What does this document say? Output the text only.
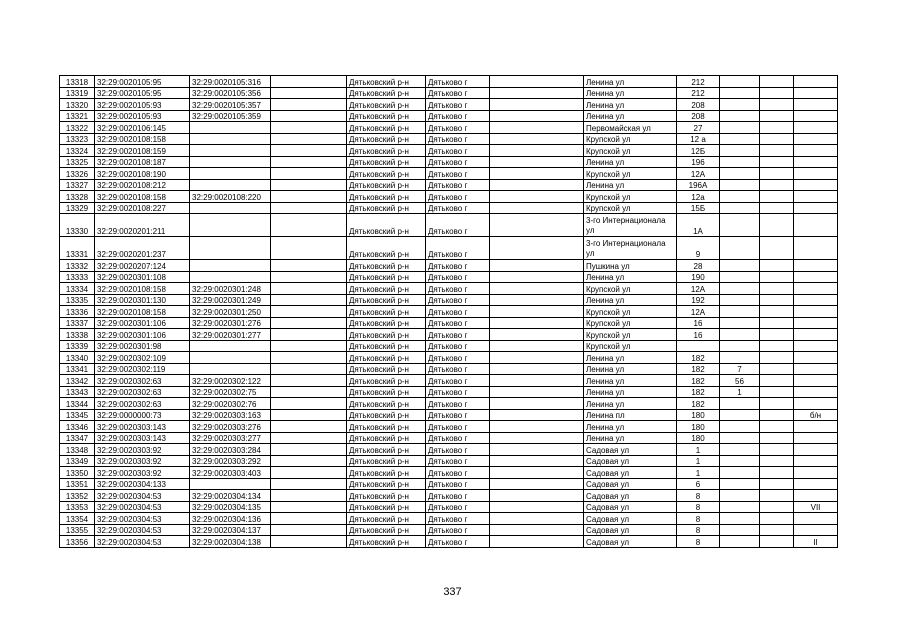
13318	32:29:0020105:95	32:29:0020105:316		Дятьковский р-н	Дятьково г		Ленина ул	212			
13319	32:29:0020105:95	32:29:0020105:356		Дятьковский р-н	Дятьково г		Ленина ул	212			
13320	32:29:0020105:93	32:29:0020105:357		Дятьковский р-н	Дятьково г		Ленина ул	208			
13321	32:29:0020105:93	32:29:0020105:359		Дятьковский р-н	Дятьково г		Ленина ул	208			
13322	32:29:0020106:145			Дятьковский р-н	Дятьково г		Первомайская ул	27			
13323	32:29:0020108:158			Дятьковский р-н	Дятьково г		Крупской ул	12 а			
13324	32:29:0020108:159			Дятьковский р-н	Дятьково г		Крупской ул	12Б			
13325	32:29:0020108:187			Дятьковский р-н	Дятьково г		Ленина ул	196			
13326	32:29:0020108:190			Дятьковский р-н	Дятьково г		Крупской ул	12А			
13327	32:29:0020108:212			Дятьковский р-н	Дятьково г		Ленина ул	196А			
13328	32:29:0020108:158	32:29:0020108:220		Дятьковский р-н	Дятьково г		Крупской ул	12а			
13329	32:29:0020108:227			Дятьковский р-н	Дятьково г		Крупской ул	15Б			
13330	32:29:0020201:211			Дятьковский р-н	Дятьково г		3-го Интернационала ул	1А			
13331	32:29:0020201:237			Дятьковский р-н	Дятьково г		3-го Интернационала ул	9			
13332	32:29:0020207:124			Дятьковский р-н	Дятьково г		Пушкина ул	28			
13333	32:29:0020301:108			Дятьковский р-н	Дятьково г		Ленина ул	190			
13334	32:29:0020108:158	32:29:0020301:248		Дятьковский р-н	Дятьково г		Крупской ул	12А			
13335	32:29:0020301:130	32:29:0020301:249		Дятьковский р-н	Дятьково г		Ленина ул	192			
13336	32:29:0020108:158	32:29:0020301:250		Дятьковский р-н	Дятьково г		Крупской ул	12А			
13337	32:29:0020301:106	32:29:0020301:276		Дятьковский р-н	Дятьково г		Крупской ул	16			
13338	32:29:0020301:106	32:29:0020301:277		Дятьковский р-н	Дятьково г		Крупской ул	16			
13339	32:29:0020301:98			Дятьковский р-н	Дятьково г		Крупской ул				
13340	32:29:0020302:109			Дятьковский р-н	Дятьково г		Ленина ул	182			
13341	32:29:0020302:119			Дятьковский р-н	Дятьково г		Ленина ул	182	7		
13342	32:29:0020302:63	32:29:0020302:122		Дятьковский р-н	Дятьково г		Ленина ул	182	56		
13343	32:29:0020302:63	32:29:0020302:75		Дятьковский р-н	Дятьково г		Ленина ул	182	1		
13344	32:29:0020302:63	32:29:0020302:76		Дятьковский р-н	Дятьково г		Ленина ул	182			
13345	32:29:0000000:73	32:29:0020303:163		Дятьковский р-н	Дятьково г		Ленина пл	180			б/н
13346	32:29:0020303:143	32:29:0020303:276		Дятьковский р-н	Дятьково г		Ленина ул	180			
13347	32:29:0020303:143	32:29:0020303:277		Дятьковский р-н	Дятьково г		Ленина ул	180			
13348	32:29:0020303:92	32:29:0020303:284		Дятьковский р-н	Дятьково г		Садовая ул	1			
13349	32:29:0020303:92	32:29:0020303:292		Дятьковский р-н	Дятьково г		Садовая ул	1			
13350	32:29:0020303:92	32:29:0020303:403		Дятьковский р-н	Дятьково г		Садовая ул	1			
13351	32:29:0020304:133			Дятьковский р-н	Дятьково г		Садовая ул	6			
13352	32:29:0020304:53	32:29:0020304:134		Дятьковский р-н	Дятьково г		Садовая ул	8			
13353	32:29:0020304:53	32:29:0020304:135		Дятьковский р-н	Дятьково г		Садовая ул	8			VII
13354	32:29:0020304:53	32:29:0020304:136		Дятьковский р-н	Дятьково г		Садовая ул	8			
13355	32:29:0020304:53	32:29:0020304:137		Дятьковский р-н	Дятьково г		Садовая ул	8			
13356	32:29:0020304:53	32:29:0020304:138		Дятьковский р-н	Дятьково г		Садовая ул	8			II
337
